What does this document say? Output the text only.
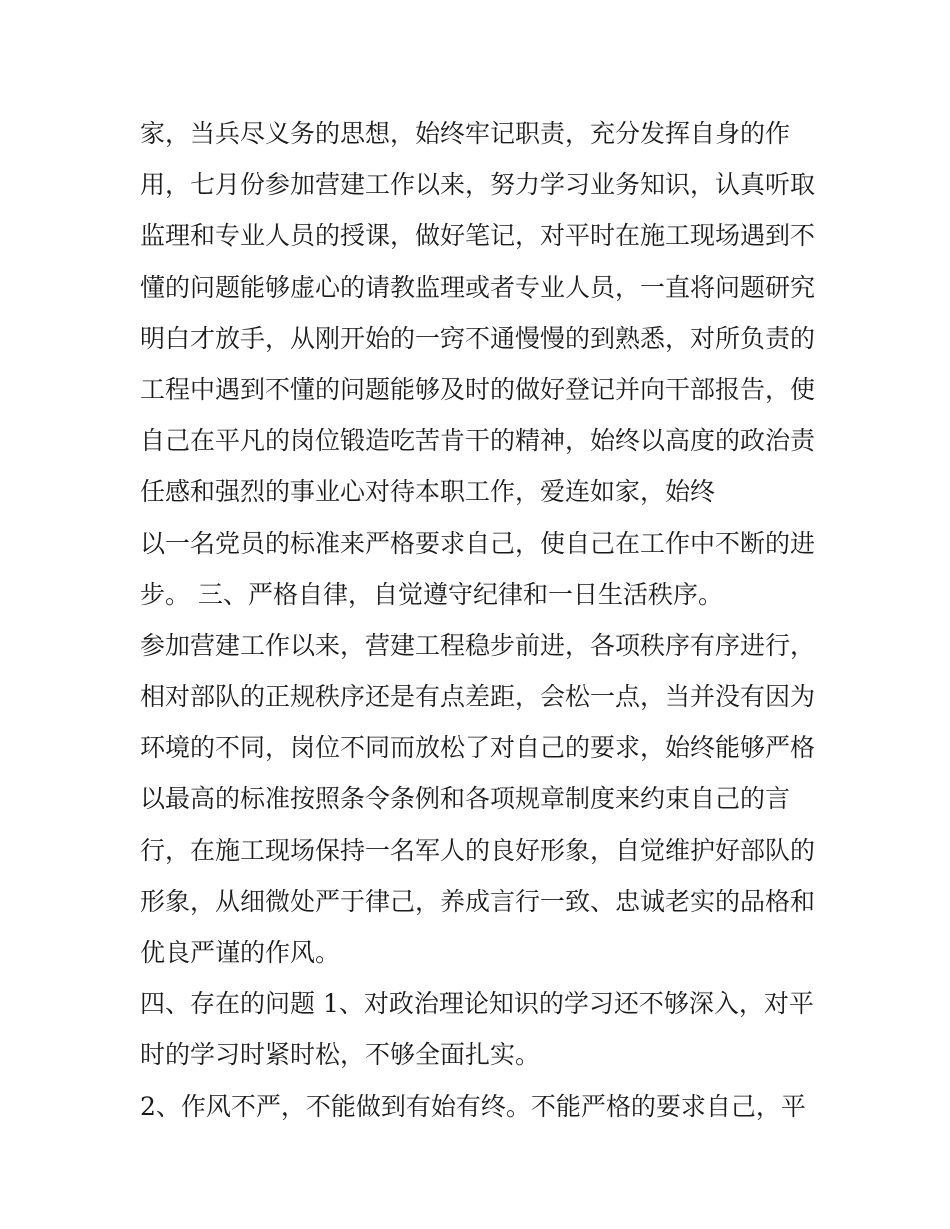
家，当兵尽义务的思想，始终牢记职责，充分发挥自身的作
用，七月份参加营建工作以来，努力学习业务知识，认真听取
监理和专业人员的授课，做好笔记，对平时在施工现场遇到不
懂的问题能够虚心的请教监理或者专业人员，一直将问题研究
明白才放手，从刚开始的一窍不通慢慢的到熟悉，对所负责的
工程中遇到不懂的问题能够及时的做好登记并向干部报告，使
自己在平凡的岗位锻造吃苦肯干的精神，始终以高度的政治责
任感和强烈的事业心对待本职工作，爱连如家，始终
以一名党员的标准来严格要求自己，使自己在工作中不断的进
步。 三、严格自律，自觉遵守纪律和一日生活秩序。
参加营建工作以来，营建工程稳步前进，各项秩序有序进行，
相对部队的正规秩序还是有点差距，会松一点，当并没有因为
环境的不同，岗位不同而放松了对自己的要求，始终能够严格
以最高的标准按照条令条例和各项规章制度来约束自己的言
行，在施工现场保持一名军人的良好形象，自觉维护好部队的
形象，从细微处严于律己，养成言行一致、忠诚老实的品格和
优良严谨的作风。
四、存在的问题 1、对政治理论知识的学习还不够深入，对平
时的学习时紧时松，不够全面扎实。
2、作风不严，不能做到有始有终。不能严格的要求自己，平
